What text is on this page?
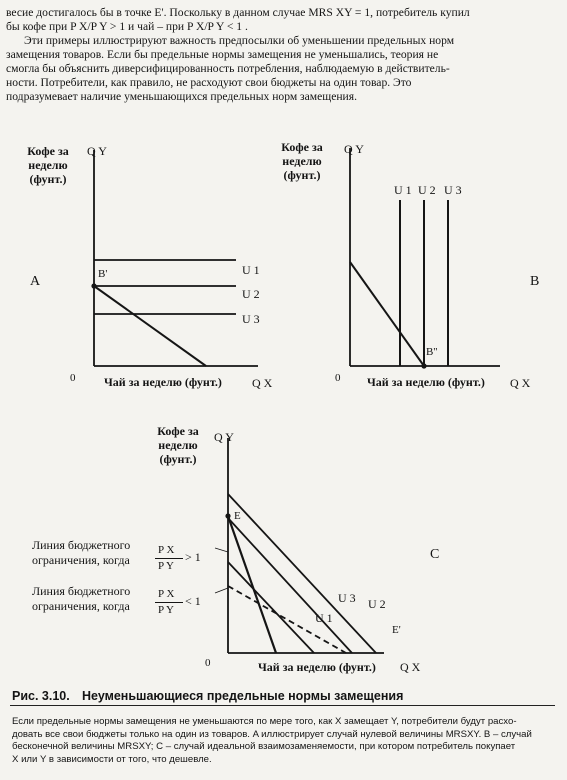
весие достигалось бы в точке E'. Поскольку в данном случае MRS XY = 1, потребитель купил
бы кофе при P X/P Y > 1 и чай – при P X/P Y < 1 .
Эти примеры иллюстрируют важность предпосылки об уменьшении предельных норм
замещения товаров. Если бы предельные нормы замещения не уменьшались, теория не
смогла бы объяснить диверсифицированность потребления, наблюдаемую в действитель-
ности. Потребители, как правило, не расходуют свои бюджеты на один товар. Это
подразумевает наличие уменьшающихся предельных норм замещения.
Кофе за
неделю
(фунт.)
Q Y
B'	U 1
U 2
U 3
A
0 Чай за неделю (фунт.)	Q X
Кофе за
неделю
(фунт.)
Q Y
U 1 U 2 U 3
B''
B
0 Чай за неделю (фунт.) Q X
Кофе за
неделю
(фунт.)
Q Y
E
E'
U 1
U 2
U 3
C
0	Чай за неделю (фунт.) Q X
Линия бюджетного
ограничения, когда
P X
P Y
> 1
Линия бюджетного
ограничения, когда
P X
P Y
< 1
Рис. 3.10. Неуменьшающиеся предельные нормы замещения
Если предельные нормы замещения не уменьшаются по мере того, как X замещает Y, потребители будут расхо-
довать все свои бюджеты только на один из товаров. A иллюстрирует случай нулевой величины MRSXY. B – случай
бесконечной величины MRSXY; C – случай идеальной взаимозаменяемости, при котором потребитель покупает
X или Y в зависимости от того, что дешевле.
